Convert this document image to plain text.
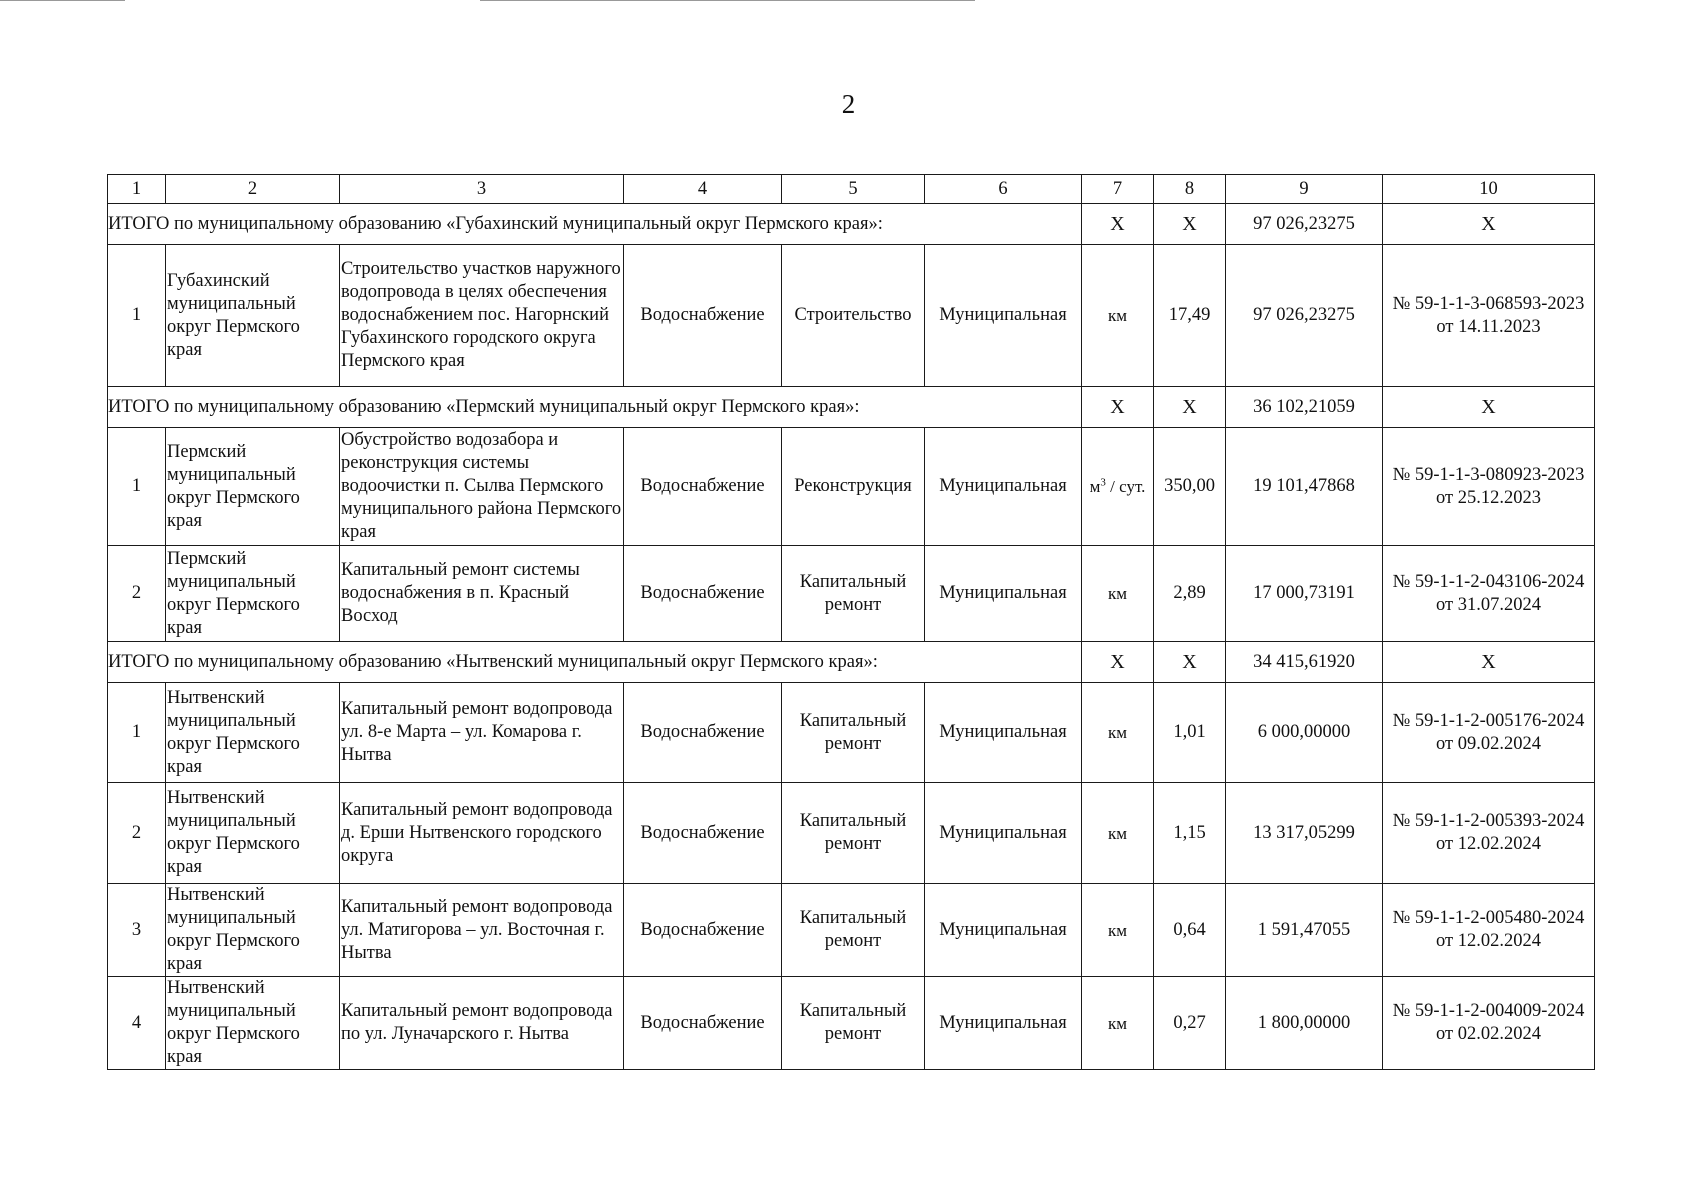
2
1	2	3	4	5	6	7	8	9	10
ИТОГО по муниципальному образованию «Губахинский муниципальный округ Пермского края»:						X	X	97 026,23275	X
1	Губахинский муниципальный округ Пермского края	Строительство участков наружного водопровода в целях обеспечения водоснабжением пос. Нагорнский Губахинского городского округа Пермского края	Водоснабжение	Строительство	Муниципальная	км	17,49	97 026,23275	№ 59-1-1-3-068593-2023
от 14.11.2023
ИТОГО по муниципальному образованию «Пермский муниципальный округ Пермского края»:						X	X	36 102,21059	X
1	Пермский муниципальный округ Пермского края	Обустройство водозабора и реконструкция системы водоочистки п. Сылва Пермского муниципального района Пермского края	Водоснабжение	Реконструкция	Муниципальная	$м^3$ / сут.	350,00	19 101,47868	№ 59-1-1-3-080923-2023
от 25.12.2023
2	Пермский муниципальный округ Пермского края	Капитальный ремонт системы водоснабжения в п. Красный Восход	Водоснабжение	Капитальный ремонт	Муниципальная	км	2,89	17 000,73191	№ 59-1-1-2-043106-2024
от 31.07.2024
ИТОГО по муниципальному образованию «Нытвенский муниципальный округ Пермского края»:						X	X	34 415,61920	X
1	Нытвенский муниципальный округ Пермского края	Капитальный ремонт водопровода ул. 8-е Марта – ул. Комарова г. Нытва	Водоснабжение	Капитальный ремонт	Муниципальная	км	1,01	6 000,00000	№ 59-1-1-2-005176-2024
от 09.02.2024
2	Нытвенский муниципальный округ Пермского края	Капитальный ремонт водопровода д. Ерши Нытвенского городского округа	Водоснабжение	Капитальный ремонт	Муниципальная	км	1,15	13 317,05299	№ 59-1-1-2-005393-2024
от 12.02.2024
3	Нытвенский муниципальный округ Пермского края	Капитальный ремонт водопровода ул. Матигорова – ул. Восточная г. Нытва	Водоснабжение	Капитальный ремонт	Муниципальная	км	0,64	1 591,47055	№ 59-1-1-2-005480-2024
от 12.02.2024
4	Нытвенский муниципальный округ Пермского края	Капитальный ремонт водопровода по ул. Луначарского г. Нытва	Водоснабжение	Капитальный ремонт	Муниципальная	км	0,27	1 800,00000	№ 59-1-1-2-004009-2024
от 02.02.2024
